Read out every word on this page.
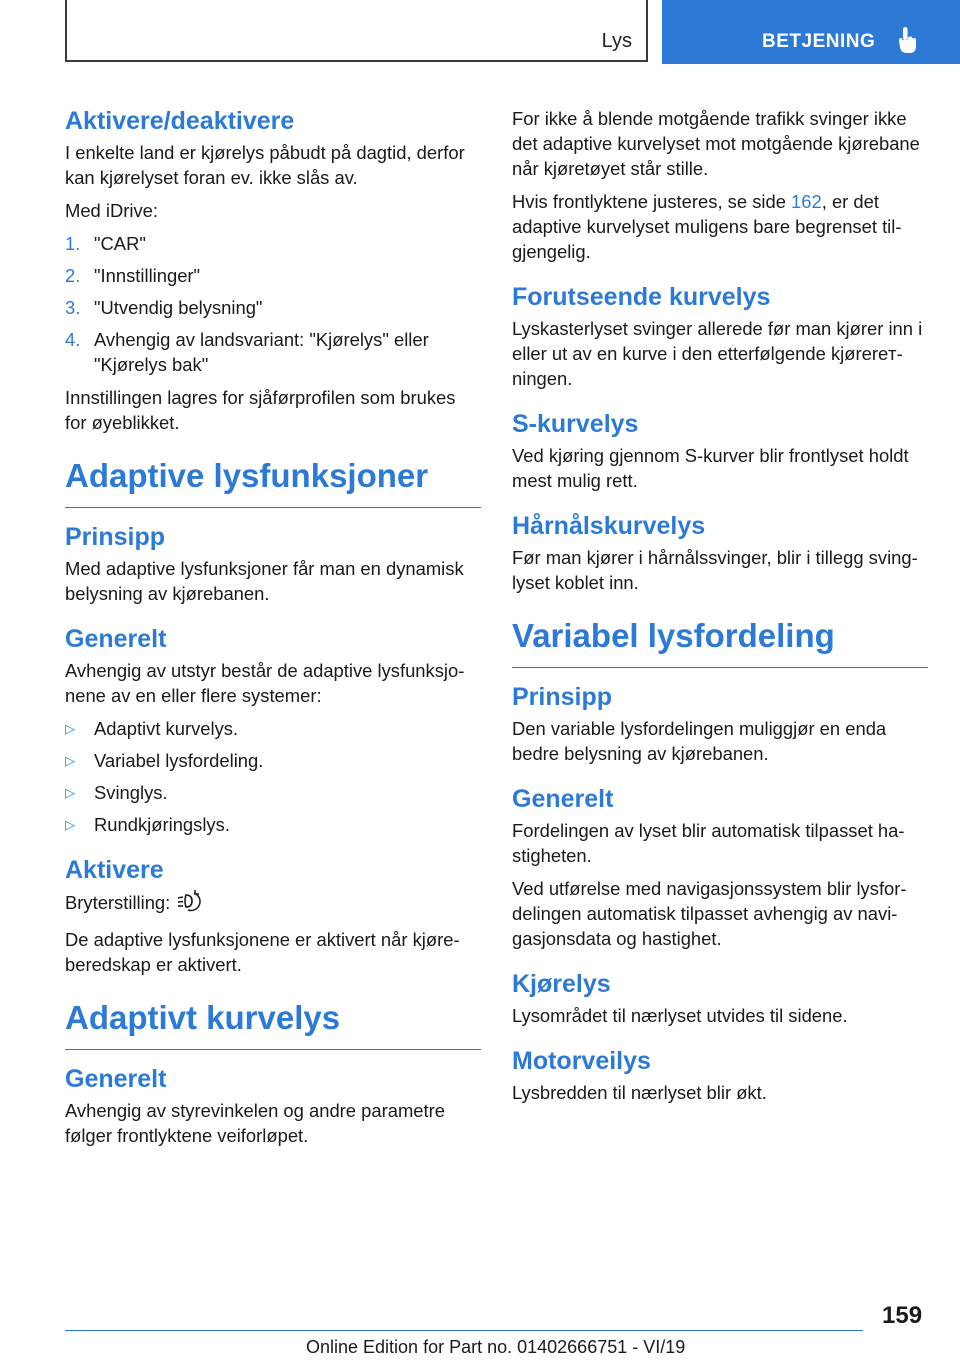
Lys	BETJENING
Aktivere/deaktivere

I enkelte land er kjørelys påbudt på dagtid, derfor kan kjørelyset foran ev. ikke slås av.

Med iDrive:

1. "CAR"
2. "Innstillinger"
3. "Utvendig belysning"
4. Avhengig av landsvariant: "Kjørelys" eller "Kjørelys bak"

Innstillingen lagres for sjåførprofilen som brukes for øyeblikket.

Adaptive lysfunksjoner
Prinsipp

Med adaptive lysfunksjoner får man en dynamisk belysning av kjørebanen.

Generelt

Avhengig av utstyr består de adaptive lysfunksjonene av en eller flere systemer:

▷ Adaptivt kurvelys.
▷ Variabel lysfordeling.
▷ Svinglys.
▷ Rundkjøringslys.
Aktivere

Bryterstilling:

De adaptive lysfunksjonene er aktivert når kjøreberedskap er aktivert.

Adaptivt kurvelys
Generelt

Avhengig av styrevinkelen og andre parametre følger frontlyktene veiforløpet.

For ikke å blende motgående trafikk svinger ikke det adaptive kurvelyset mot motgående kjørebane når kjøretøyet står stille.

Hvis frontlyktene justeres, se side 162, er det adaptive kurvelyset muligens bare begrenset tilgjengelig.

Forutseende kurvelys

Lyskasterlyset svinger allerede før man kjører inn i eller ut av en kurve i den etterfølgende kjørereтningen.

S-kurvelys

Ved kjøring gjennom S-kurver blir frontlyset holdt mest mulig rett.

Hårnålskurvelys

Før man kjører i hårnålssvinger, blir i tillegg svinglyset koblet inn.

Variabel lysfordeling
Prinsipp

Den variable lysfordelingen muliggjør en enda bedre belysning av kjørebanen.

Generelt

Fordelingen av lyset blir automatisk tilpasset hastigheten.

Ved utførelse med navigasjonssystem blir lysfordelingen automatisk tilpasset avhengig av navigasjonsdata og hastighet.

Kjørelys

Lysområdet til nærlyset utvides til sidene.

Motorveilys

Lysbredden til nærlyset blir økt.

159
Online Edition for Part no. 01402666751 - VI/19
